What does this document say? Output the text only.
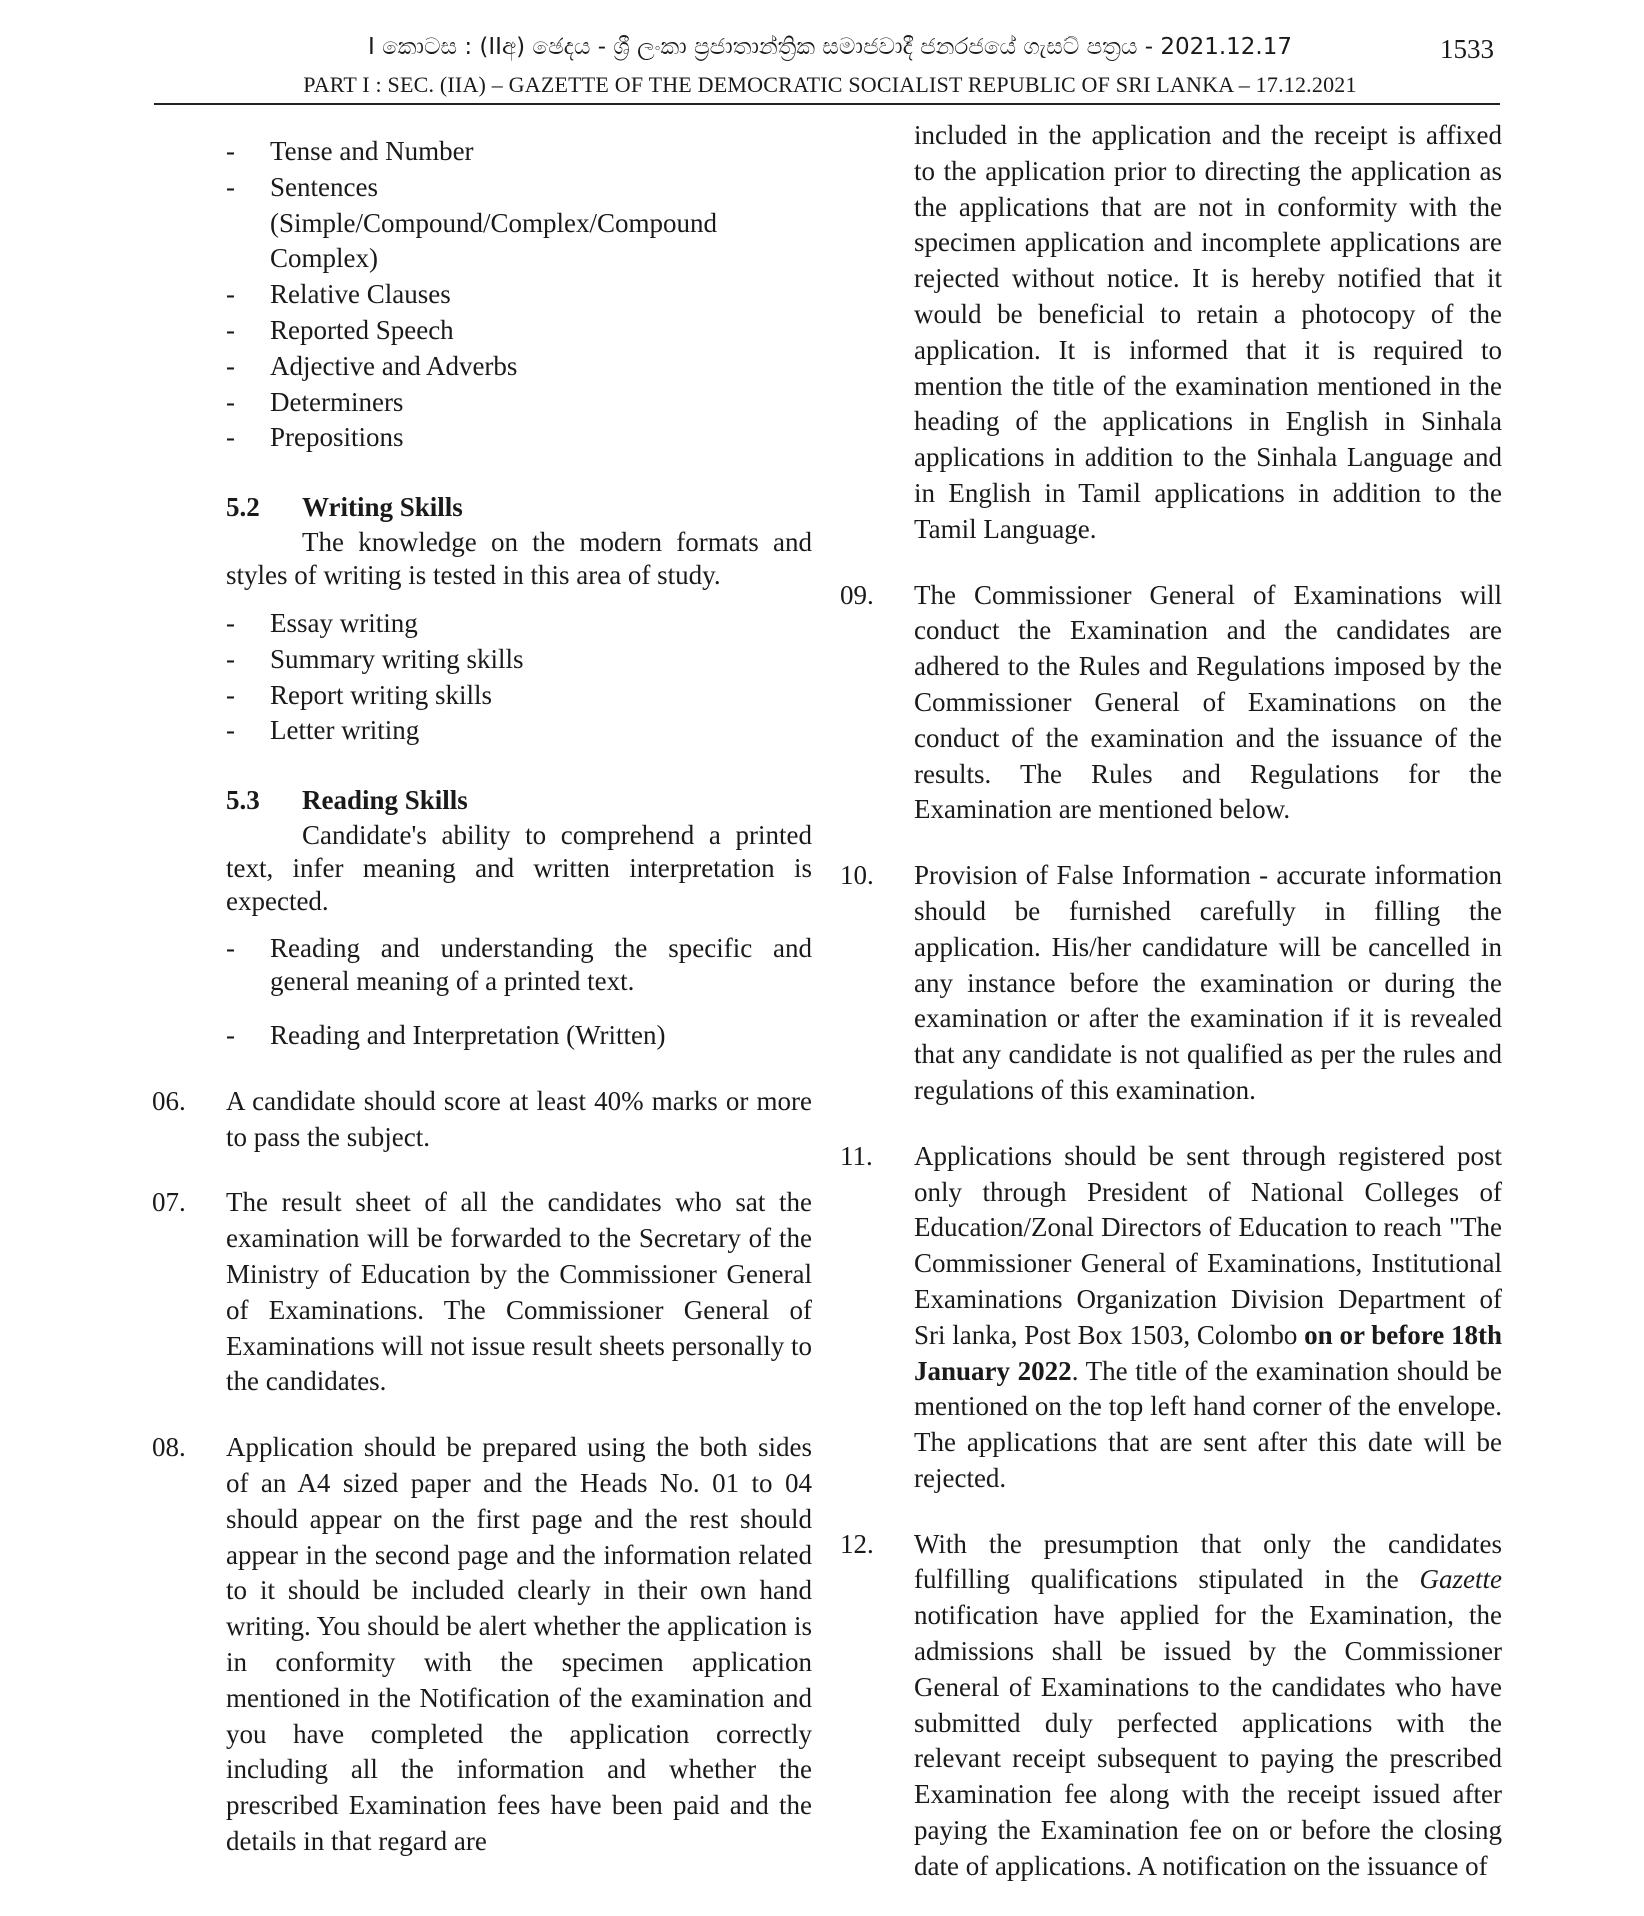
I කොටස : (IIඅ) ඡෙදය - ශ්‍රී ලංකා ප්‍රජාතාන්ත්‍රික සමාජවාදී ජනරජයේ ගැසට් පත්‍රය - 2021.12.17
PART I : SEC. (IIA) – GAZETTE OF THE DEMOCRATIC SOCIALIST REPUBLIC OF SRI LANKA – 17.12.2021
1533
-	Tense and Number
-	Sentences (Simple/Compound/Complex/Compound Complex)
-	Relative Clauses
-	Reported Speech
-	Adjective and Adverbs
-	Determiners
-	Prepositions
5.2	Writing Skills
The knowledge on the modern formats and styles of writing is tested in this area of study.
-	Essay writing
-	Summary writing skills
-	Report writing skills
-	Letter writing
5.3	Reading Skills
Candidate's ability to comprehend a printed text, infer meaning and written interpretation is expected.
-	Reading and understanding the specific and general meaning of a printed text.
-	Reading and Interpretation (Written)
06.	A candidate should score at least 40% marks or more to pass the subject.
07.	The result sheet of all the candidates who sat the examination will be forwarded to the Secretary of the Ministry of Education by the Commissioner General of Examinations. The Commissioner General of Examinations will not issue result sheets personally to the candidates.
08.	Application should be prepared using the both sides of an A4 sized paper and the Heads No. 01 to 04 should appear on the first page and the rest should appear in the second page and the information related to it should be included clearly in their own hand writing. You should be alert whether the application is in conformity with the specimen application mentioned in the Notification of the examination and you have completed the application correctly including all the information and whether the prescribed Examination fees have been paid and the details in that regard are
included in the application and the receipt is affixed to the application prior to directing the application as the applications that are not in conformity with the specimen application and incomplete applications are rejected without notice. It is hereby notified that it would be beneficial to retain a photocopy of the application. It is informed that it is required to mention the title of the examination mentioned in the heading of the applications in English in Sinhala applications in addition to the Sinhala Language and in English in Tamil applications in addition to the Tamil Language.
09.	The Commissioner General of Examinations will conduct the Examination and the candidates are adhered to the Rules and Regulations imposed by the Commissioner General of Examinations on the conduct of the examination and the issuance of the results. The Rules and Regulations for the Examination are mentioned below.
10.	Provision of False Information - accurate information should be furnished carefully in filling the application. His/her candidature will be cancelled in any instance before the examination or during the examination or after the examination if it is revealed that any candidate is not qualified as per the rules and regulations of this examination.
11.	Applications should be sent through registered post only through President of National Colleges of Education/Zonal Directors of Education to reach "The Commissioner General of Examinations, Institutional Examinations Organization Division Department of Sri lanka, Post Box 1503, Colombo on or before 18th January 2022. The title of the examination should be mentioned on the top left hand corner of the envelope. The applications that are sent after this date will be rejected.
12.	With the presumption that only the candidates fulfilling qualifications stipulated in the Gazette notification have applied for the Examination, the admissions shall be issued by the Commissioner General of Examinations to the candidates who have submitted duly perfected applications with the relevant receipt subsequent to paying the prescribed Examination fee along with the receipt issued after paying the Examination fee on or before the closing date of applications. A notification on the issuance of
